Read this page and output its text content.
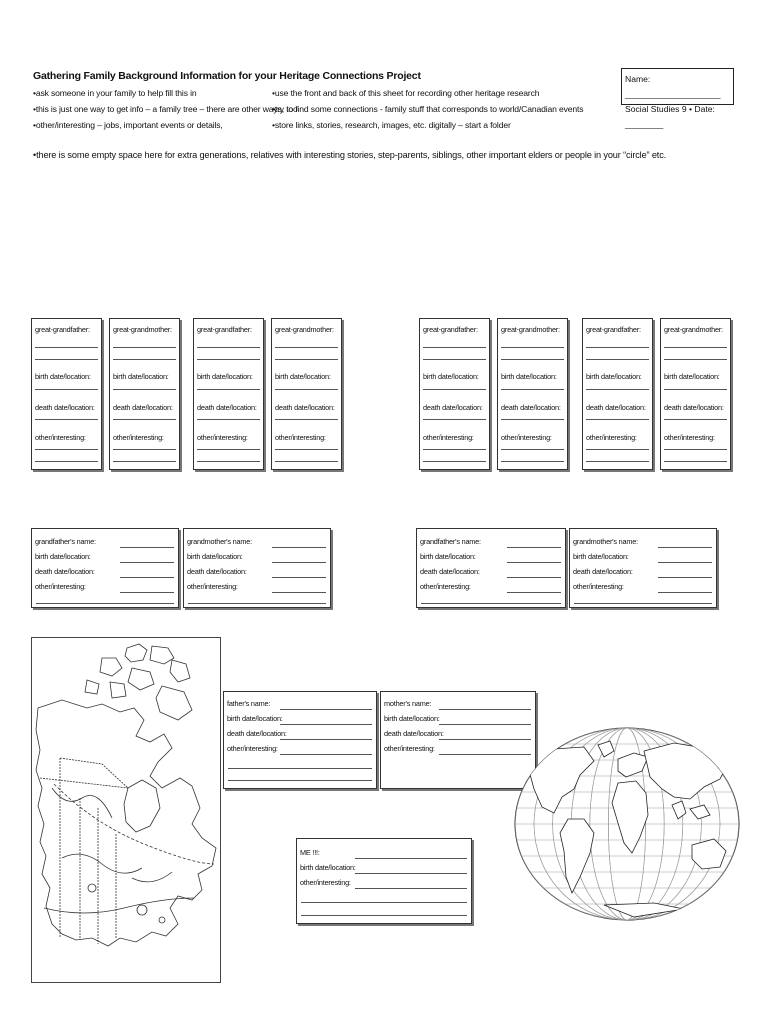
Gathering Family Background Information for your Heritage Connections Project
• ask someone in your family to help fill this in
• this is just one way to get info – a family tree – there are other ways, too
• other/interesting – jobs, important events or details,
• use the front and back of this sheet for recording other heritage research
• try to find some connections - family stuff that corresponds to world/Canadian events
• store links, stories, research, images, etc. digitally – start a folder
Name: ____________________
Social Studies 9 • Date: ________
• there is some empty space here for extra generations, relatives with interesting stories, step-parents, siblings, other important elders or people in your “circle” etc.
great-grandfather:
birth date/location:
death date/location:
other/interesting:
great-grandmother:
birth date/location:
death date/location:
other/interesting:
great-grandfather:
birth date/location:
death date/location:
other/interesting:
great-grandmother:
birth date/location:
death date/location:
other/interesting:
great-grandfather:
birth date/location:
death date/location:
other/interesting:
great-grandmother:
birth date/location:
death date/location:
other/interesting:
great-grandfather:
birth date/location:
death date/location:
other/interesting:
great-grandmother:
birth date/location:
death date/location:
other/interesting:
grandfather's name:
birth date/location:
death date/location:
other/interesting:
grandmother's name:
birth date/location:
death date/location:
other/interesting:
grandfather's name:
birth date/location:
death date/location:
other/interesting:
grandmother's name:
birth date/location:
death date/location:
other/interesting:
father's name:
birth date/location:
death date/location:
other/interesting:
mother's name:
birth date/location:
death date/location:
other/interesting:
ME !!!:
birth date/location:
other/interesting:
